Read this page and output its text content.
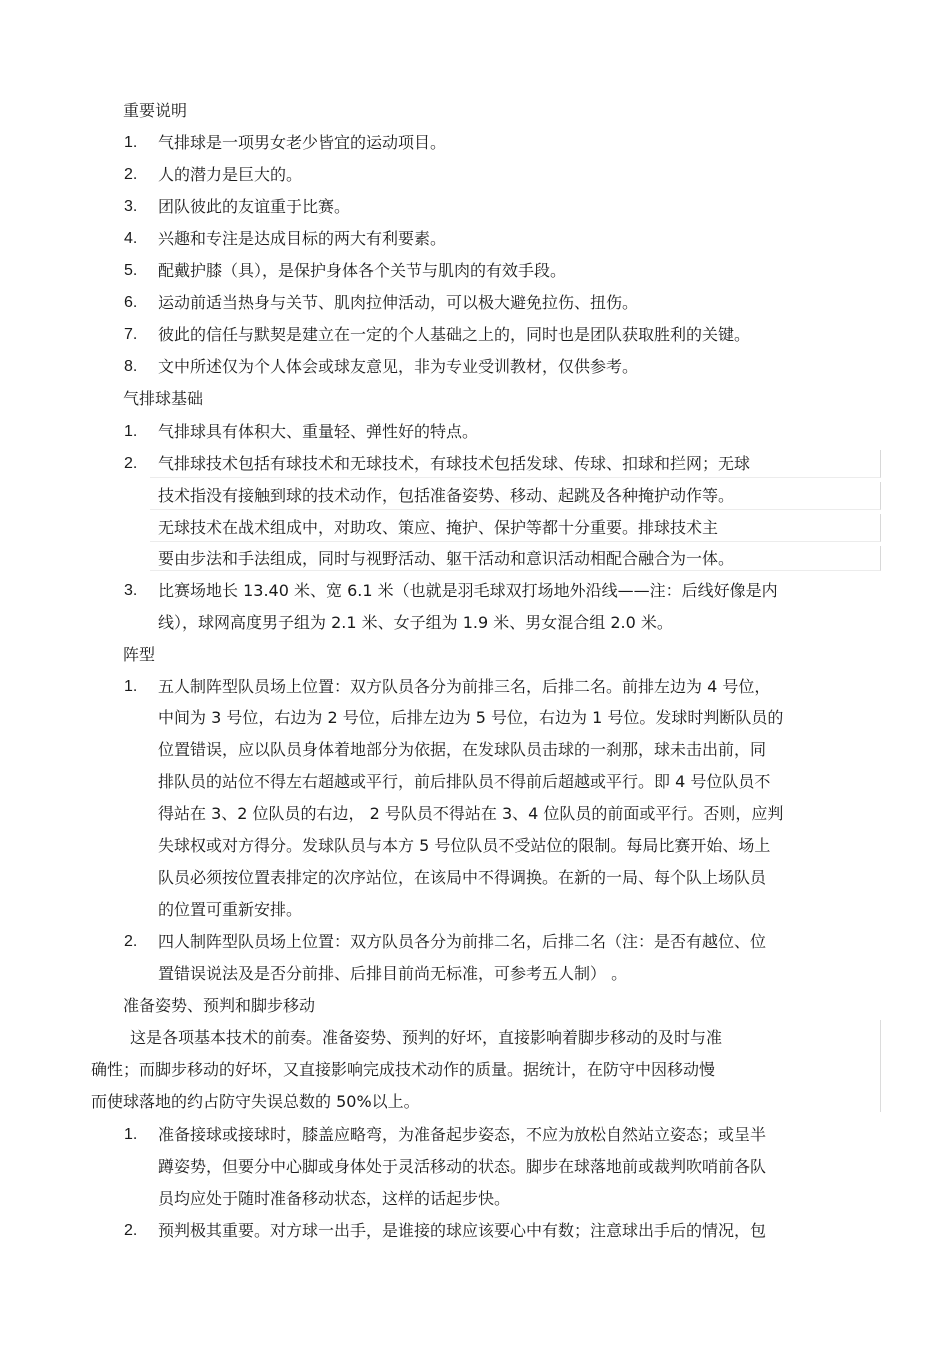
重要说明
1. 气排球是一项男女老少皆宜的运动项目。
2. 人的潜力是巨大的。
3. 团队彼此的友谊重于比赛。
4. 兴趣和专注是达成目标的两大有利要素。
5. 配戴护膝（具），是保护身体各个关节与肌肉的有效手段。
6. 运动前适当热身与关节、肌肉拉伸活动，可以极大避免拉伤、扭伤。
7. 彼此的信任与默契是建立在一定的个人基础之上的，同时也是团队获取胜利的关键。
8. 文中所述仅为个人体会或球友意见，非为专业受训教材，仅供参考。
气排球基础
1. 气排球具有体积大、重量轻、弹性好的特点。
2. 气排球技术包括有球技术和无球技术，有球技术包括发球、传球、扣球和拦网；无球
技术指没有接触到球的技术动作，包括准备姿势、移动、起跳及各种掩护动作等。
无球技术在战术组成中，对助攻、策应、掩护、保护等都十分重要。排球技术主
要由步法和手法组成，同时与视野活动、躯干活动和意识活动相配合融合为一体。
3. 比赛场地长 13.40 米、宽 6.1 米（也就是羽毛球双打场地外沿线——注：后线好像是内
线），球网高度男子组为 2.1 米、女子组为 1.9 米、男女混合组 2.0 米。
阵型
1. 五人制阵型队员场上位置：双方队员各分为前排三名，后排二名。前排左边为 4 号位，
中间为 3 号位，右边为 2 号位，后排左边为 5 号位，右边为 1 号位。发球时判断队员的
位置错误，应以队员身体着地部分为依据，在发球队员击球的一刹那，球未击出前，同
排队员的站位不得左右超越或平行，前后排队员不得前后超越或平行。即 4 号位队员不
得站在 3、2 位队员的右边， 2 号队员不得站在 3、4 位队员的前面或平行。否则，应判
失球权或对方得分。发球队员与本方 5 号位队员不受站位的限制。每局比赛开始、场上
队员必须按位置表排定的次序站位，在该局中不得调换。在新的一局、每个队上场队员
的位置可重新安排。
2. 四人制阵型队员场上位置：双方队员各分为前排二名，后排二名（注：是否有越位、位
置错误说法及是否分前排、后排目前尚无标准，可参考五人制） 。
准备姿势、预判和脚步移动
这是各项基本技术的前奏。准备姿势、预判的好坏，直接影响着脚步移动的及时与准
确性；而脚步移动的好坏，又直接影响完成技术动作的质量。据统计，在防守中因移动慢
而使球落地的约占防守失误总数的 50%以上。
1. 准备接球或接球时，膝盖应略弯，为准备起步姿态，不应为放松自然站立姿态；或呈半
蹲姿势，但要分中心脚或身体处于灵活移动的状态。脚步在球落地前或裁判吹哨前各队
员均应处于随时准备移动状态，这样的话起步快。
2. 预判极其重要。对方球一出手，是谁接的球应该要心中有数；注意球出手后的情况，包
